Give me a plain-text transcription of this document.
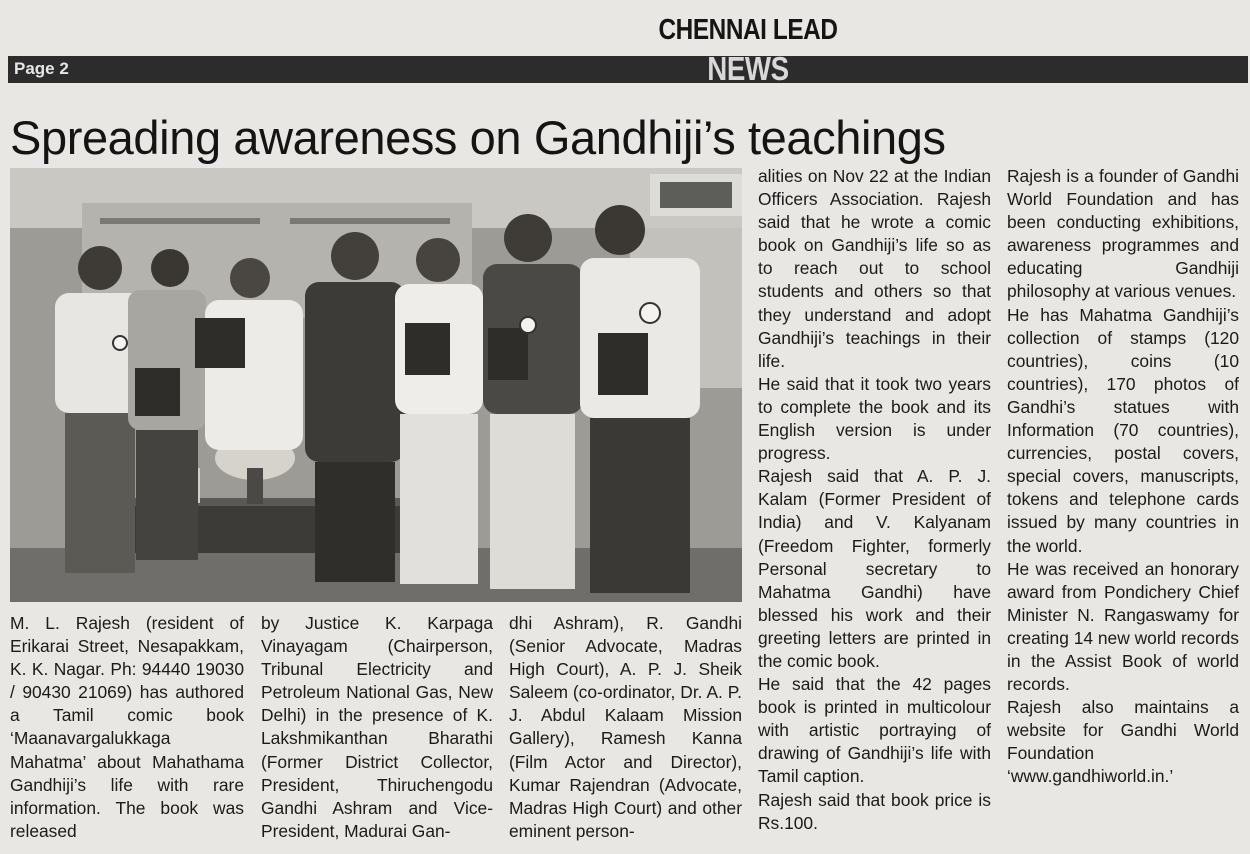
CHENNAI LEAD
Page 2	NEWS
Spreading awareness on Gandhiji’s teachings

M. L. Rajesh (resident of Erikarai Street, Nesapakkam, K. K. Nagar. Ph: 94440 19030 / 90430 21069) has authored a Tamil comic book ‘Maanavargalukkaga Mahatma’ about Mahathama Gandhiji’s life with rare information. The book was released

by Justice K. Karpaga Vinayagam (Chairperson, Tribunal Electricity and Petroleum National Gas, New Delhi) in the presence of K. Lakshmikanthan Bharathi (Former District Collector, President, Thiruchengodu Gandhi Ashram and Vice-President, Madurai Gan-

dhi Ashram), R. Gandhi (Senior Advocate, Madras High Court), A. P. J. Sheik Saleem (co-ordinator, Dr. A. P. J. Abdul Kalaam Mission Gallery), Ramesh Kanna (Film Actor and Director), Kumar Rajendran (Advocate, Madras High Court) and other eminent person-

alities on Nov 22 at the Indian Officers Association. Rajesh said that he wrote a comic book on Gandhiji’s life so as to reach out to school students and others so that they understand and adopt Gandhiji’s teachings in their life.

He said that it took two years to complete the book and its English version is under progress.

Rajesh said that A. P. J. Kalam (Former President of India) and V. Kalyanam (Freedom Fighter, formerly Personal secretary to Mahatma Gandhi) have blessed his work and their greeting letters are printed in the comic book.

He said that the 42 pages book is printed in multicolour with artistic portraying of drawing of Gandhiji’s life with Tamil caption.

Rajesh said that book price is Rs.100.

Rajesh is a founder of Gandhi World Foundation and has been conducting exhibitions, awareness programmes and educating Gandhiji philosophy at various venues.

He has Mahatma Gandhiji’s collection of stamps (120 countries), coins (10 countries), 170 photos of Gandhi’s statues with Information (70 countries), currencies, postal covers, special covers, manuscripts, tokens and telephone cards issued by many countries in the world.

He was received an honorary award from Pondichery Chief Minister N. Rangaswamy for creating 14 new world records in the Assist Book of world records.

Rajesh also maintains a website for Gandhi World Foundation ‘www.gandhiworld.in.’
